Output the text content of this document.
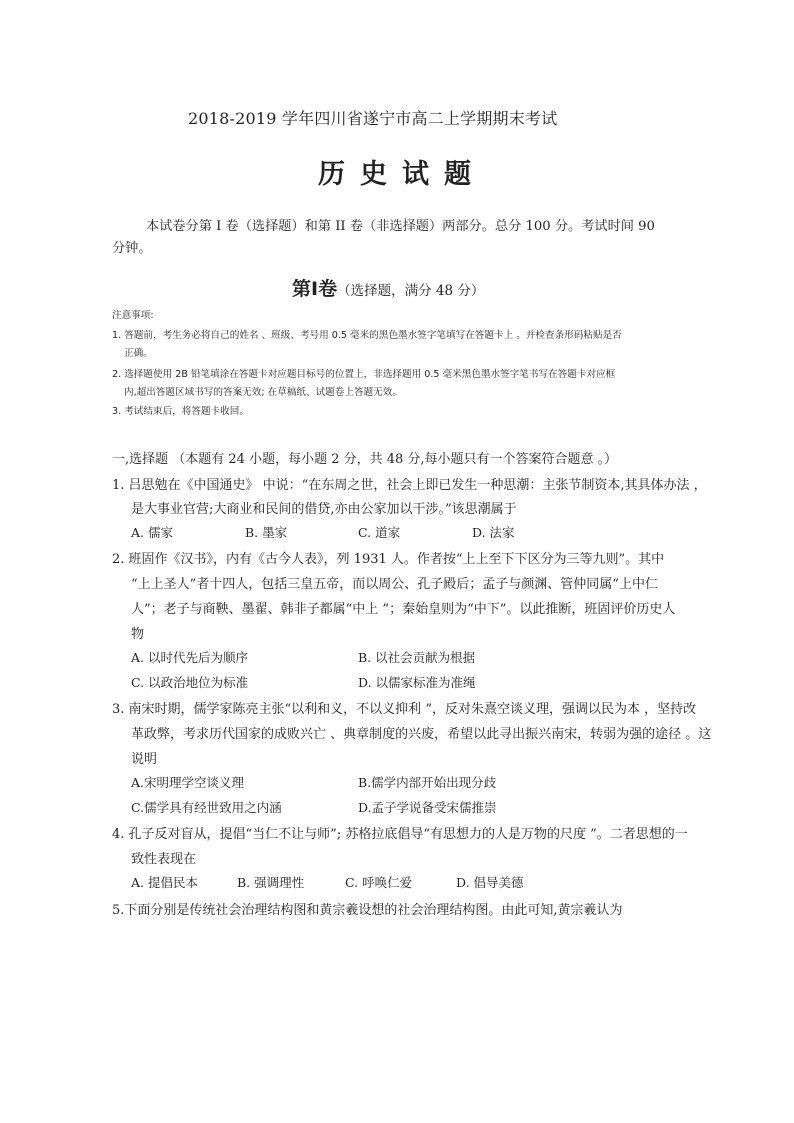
2018-2019 学年四川省遂宁市高二上学期期末考试
历史试题
本试卷分第 I 卷（选择题）和第 II 卷（非选择题）两部分。总分 100 分。考试时间 90
分钟。
第Ⅰ卷（选择题，满分 48 分）
注意事项:
1. 答题前，考生务必将自己的姓名 、班级、考号用 0.5 毫米的黑色墨水签字笔填写在答题卡上 。并检查条形码粘贴是否
正确。
2. 选择题使用 2B 铅笔填涂在答题卡对应题目标号的位置上，非选择题用 0.5 毫米黑色墨水签字笔书写在答题卡对应框
内,超出答题区域书写的答案无效; 在草稿纸、试题卷上答题无效。
3. 考试结束后，将答题卡收回。
一,选择题 （本题有 24 小题，每小题 2 分，共 48 分,每小题只有一个答案符合题意 。）
1. 吕思勉在《中国通史》 中说：“在东周之世，社会上即已发生一种思潮：主张节制资本,其具体办法 ，
是大事业官营;大商业和民间的借贷,亦由公家加以干涉。”该思潮属于
A. 儒家	B. 墨家	C. 道家	D. 法家
2. 班固作《汉书》，内有《古今人表》，列 1931 人。作者按“上上至下下区分为三等九则”。其中
“上上圣人”者十四人，包括三皇五帝，而以周公、孔子殿后；孟子与颜渊、管仲同属“上中仁
人”；老子与商鞅、墨翟、韩非子都属“中上 ”；秦始皇则为“中下”。以此推断，班固评价历史人
物
A. 以时代先后为顺序	B. 以社会贡献为根据
C. 以政治地位为标准	D. 以儒家标准为准绳
3. 南宋时期，儒学家陈亮主张“以利和义，不以义抑利 ”，反对朱熹空谈义理，强调以民为本 ，坚持改
革政弊，考求历代国家的成败兴亡 、典章制度的兴废，希望以此寻出振兴南宋，转弱为强的途径 。这
说明
A.宋明理学空谈义理	B.儒学内部开始出现分歧
C.儒学具有经世致用之内涵	D.孟子学说备受宋儒推崇
4. 孔子反对盲从，提倡“当仁不让与师”; 苏格拉底倡导“有思想力的人是万物的尺度 ”。二者思想的一
致性表现在
A. 提倡民本	B. 强调理性	C. 呼唤仁爱	D. 倡导美德
5.下面分别是传统社会治理结构图和黄宗羲设想的社会治理结构图。由此可知,黄宗羲认为
